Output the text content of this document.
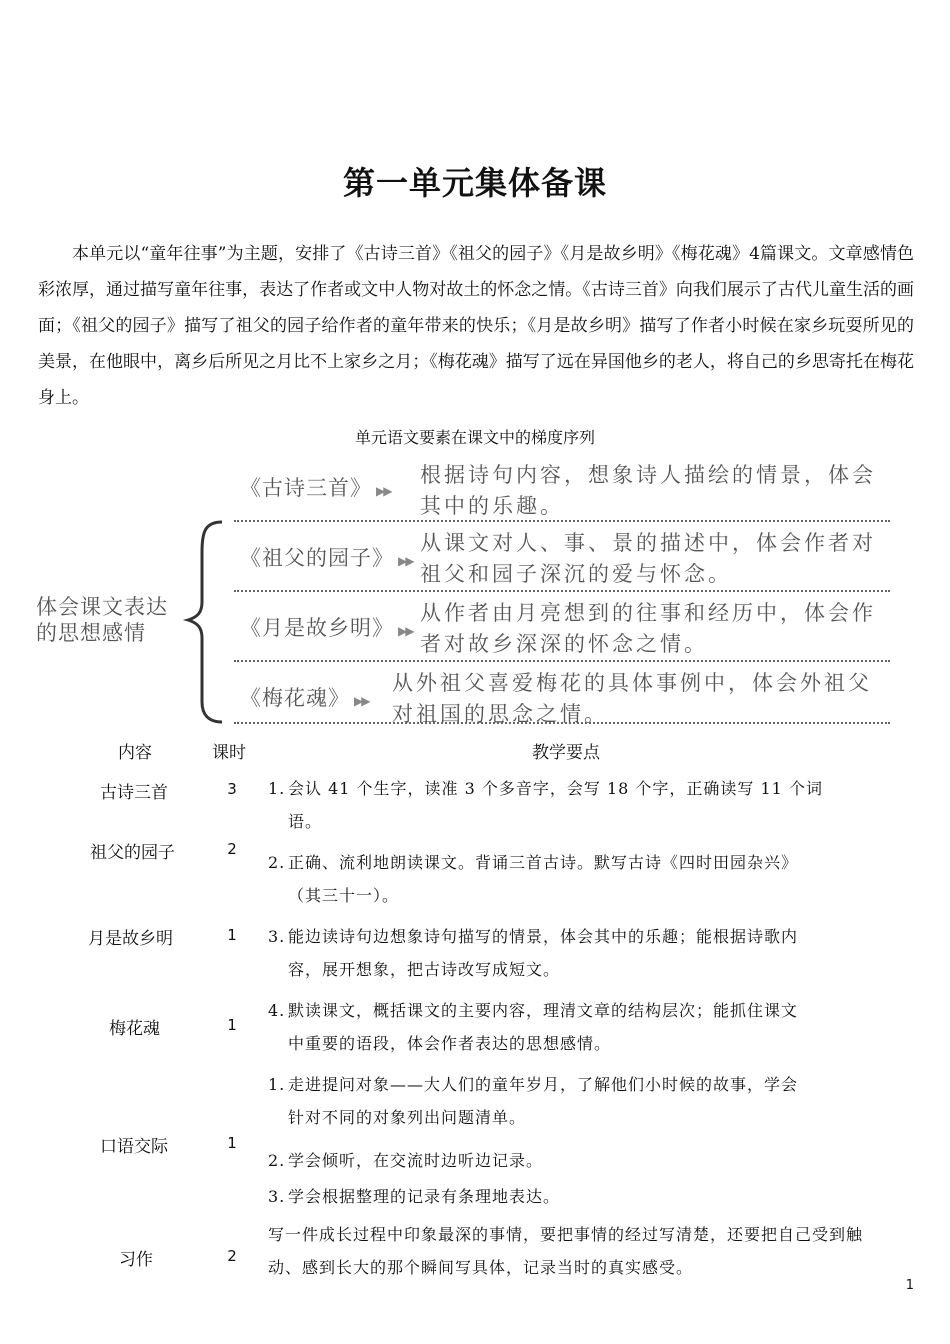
第一单元集体备课
本单元以“童年往事”为主题，安排了《古诗三首》《祖父的园子》《月是故乡明》《梅花魂》4篇课文。文章感情色彩浓厚，通过描写童年往事，表达了作者或文中人物对故土的怀念之情。《古诗三首》向我们展示了古代儿童生活的画面；《祖父的园子》描写了祖父的园子给作者的童年带来的快乐；《月是故乡明》描写了作者小时候在家乡玩耍所见的美景，在他眼中，离乡后所见之月比不上家乡之月；《梅花魂》描写了远在异国他乡的老人，将自己的乡思寄托在梅花身上。
单元语文要素在课文中的梯度序列
体会课文表达的思想感情
《古诗三首》 ▶▶
根据诗句内容，想象诗人描绘的情景，体会其中的乐趣。
《祖父的园子》 ▶▶
从课文对人、事、景的描述中，体会作者对祖父和园子深沉的爱与怀念。
《月是故乡明》 ▶▶
从作者由月亮想到的往事和经历中，体会作者对故乡深深的怀念之情。
《梅花魂》 ▶▶
从外祖父喜爱梅花的具体事例中，体会外祖父对祖国的思念之情。
内容	课时	教学要点
古诗三首
祖父的园子
月是故乡明
梅花魂
口语交际
习作
3
2
1
1
1
2
1. 会认 41 个生字，读准 3 个多音字，会写 18 个字，正确读写 11 个词
语。
2. 正确、流利地朗读课文。背诵三首古诗。默写古诗《四时田园杂兴》
（其三十一）。
3. 能边读诗句边想象诗句描写的情景，体会其中的乐趣；能根据诗歌内
容，展开想象，把古诗改写成短文。
4. 默读课文，概括课文的主要内容，理清文章的结构层次；能抓住课文
中重要的语段，体会作者表达的思想感情。
1. 走进提问对象——大人们的童年岁月，了解他们小时候的故事，学会
针对不同的对象列出问题清单。
2. 学会倾听，在交流时边听边记录。
3. 学会根据整理的记录有条理地表达。
写一件成长过程中印象最深的事情，要把事情的经过写清楚，还要把自己受到触动、感到长大的那个瞬间写具体，记录当时的真实感受。
1
